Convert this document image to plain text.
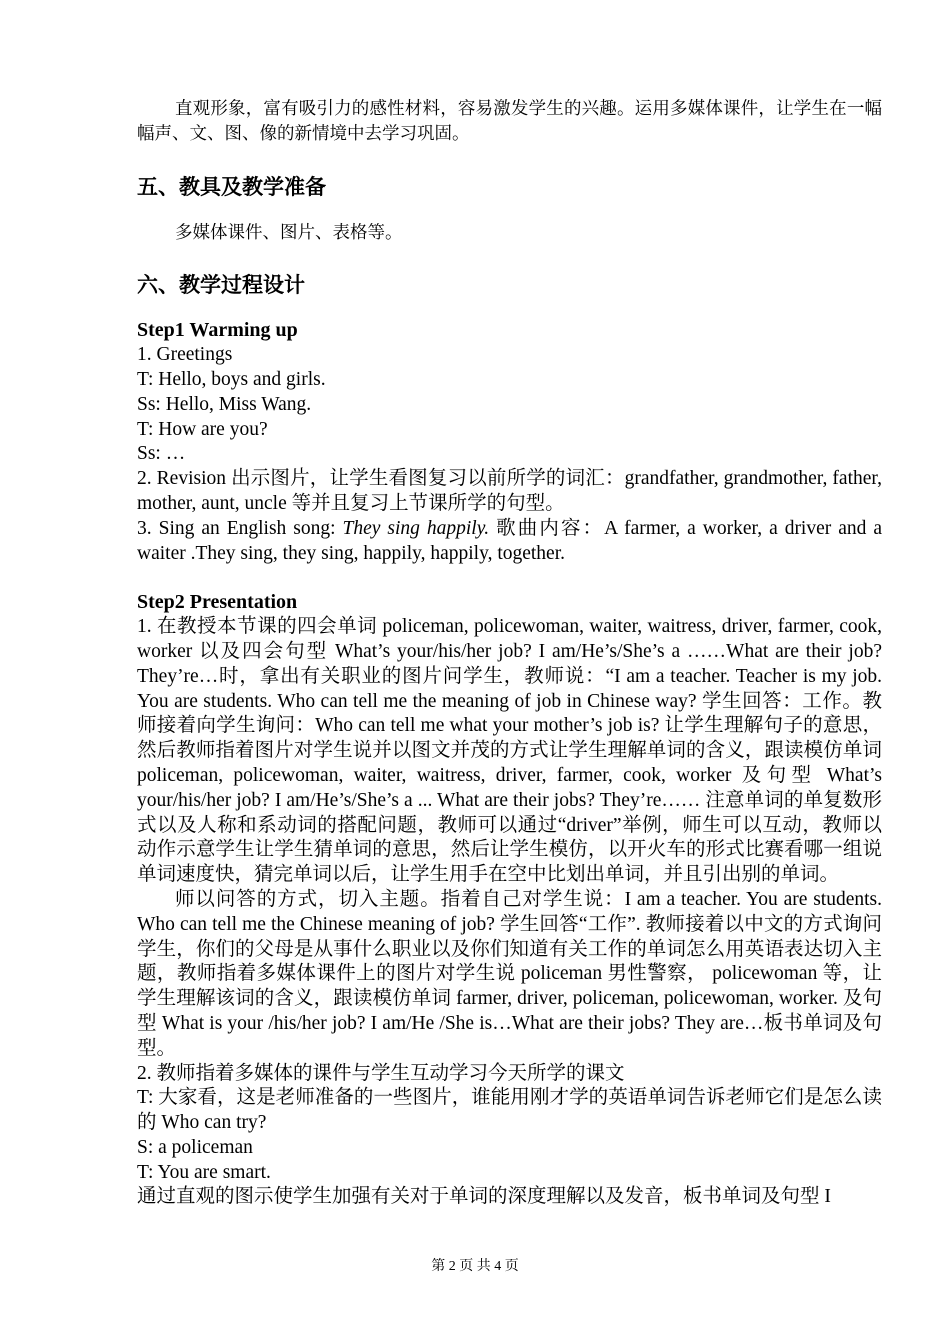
直观形象，富有吸引力的感性材料，容易激发学生的兴趣。运用多媒体课件，让学生在一幅幅声、文、图、像的新情境中去学习巩固。

五、教具及教学准备

多媒体课件、图片、表格等。

六、教学过程设计

Step1 Warming up

1. Greetings

T: Hello, boys and girls.

Ss: Hello, Miss Wang.

T: How are you?

Ss: …

2. Revision 出示图片，让学生看图复习以前所学的词汇：grandfather, grandmother, father, mother, aunt, uncle 等并且复习上节课所学的句型。

3. Sing an English song: They sing happily. 歌曲内容：A farmer, a worker, a driver and a waiter .They sing, they sing, happily, happily, together.

Step2 Presentation

1. 在教授本节课的四会单词 policeman, policewoman, waiter, waitress, driver, farmer, cook, worker 以及四会句型 What’s your/his/her job? I am/He’s/She’s a ……What are their job? They’re…时，拿出有关职业的图片问学生，教师说：“I am a teacher. Teacher is my job. You are students. Who can tell me the meaning of job in Chinese way? 学生回答：工作。教师接着向学生询问：Who can tell me what your mother’s job is? 让学生理解句子的意思，然后教师指着图片对学生说并以图文并茂的方式让学生理解单词的含义，跟读模仿单词 policeman, policewoman, waiter, waitress, driver, farmer, cook, worker 及句型 What’s your/his/her job? I am/He’s/She’s a ... What are their jobs? They’re…… 注意单词的单复数形式以及人称和系动词的搭配问题，教师可以通过“driver”举例，师生可以互动，教师以动作示意学生让学生猜单词的意思，然后让学生模仿，以开火车的形式比赛看哪一组说单词速度快，猜完单词以后，让学生用手在空中比划出单词，并且引出别的单词。

师以问答的方式，切入主题。指着自己对学生说：I am a teacher. You are students. Who can tell me the Chinese meaning of job? 学生回答“工作”. 教师接着以中文的方式询问学生，你们的父母是从事什么职业以及你们知道有关工作的单词怎么用英语表达切入主题，教师指着多媒体课件上的图片对学生说 policeman 男性警察， policewoman 等，让学生理解该词的含义，跟读模仿单词 farmer, driver, policeman, policewoman, worker. 及句型 What is your /his/her job? I am/He /She is…What are their jobs? They are…板书单词及句型。

2. 教师指着多媒体的课件与学生互动学习今天所学的课文

T: 大家看，这是老师准备的一些图片，谁能用刚才学的英语单词告诉老师它们是怎么读的 Who can try?

S: a policeman

T: You are smart.

通过直观的图示使学生加强有关对于单词的深度理解以及发音，板书单词及句型 I

第 2 页 共 4 页
